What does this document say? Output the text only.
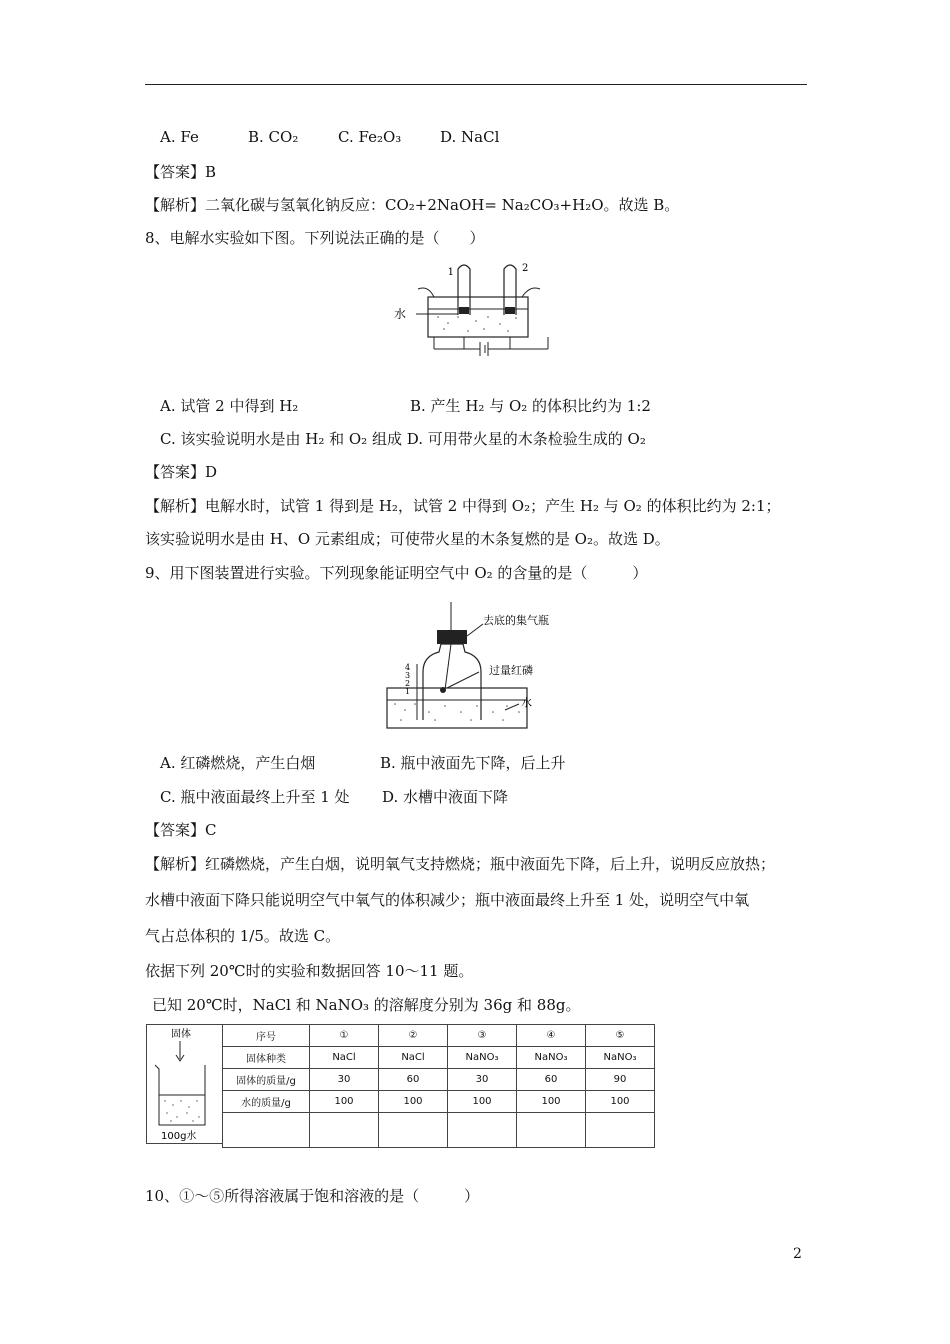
A. Fe	B. CO₂	C. Fe₂O₃	D. NaCl
【答案】B
【解析】二氧化碳与氢氧化钠反应：CO₂+2NaOH= Na₂CO₃+H₂O。故选 B。
8、电解水实验如下图。下列说法正确的是（　　）
1	2
水
A. 试管 2 中得到 H₂	B. 产生 H₂ 与 O₂ 的体积比约为 1:2
C. 该实验说明水是由 H₂ 和 O₂ 组成 D. 可用带火星的木条检验生成的 O₂
【答案】D
【解析】电解水时，试管 1 得到是 H₂，试管 2 中得到 O₂；产生 H₂ 与 O₂ 的体积比约为 2:1；
该实验说明水是由 H、O 元素组成；可使带火星的木条复燃的是 O₂。故选 D。
9、用下图装置进行实验。下列现象能证明空气中 O₂ 的含量的是（　　　）
4
3
2
1
去底的集气瓶
过量红磷
水
A. 红磷燃烧，产生白烟	B. 瓶中液面先下降，后上升
C. 瓶中液面最终上升至 1 处 D. 水槽中液面下降
【答案】C
【解析】红磷燃烧，产生白烟，说明氧气支持燃烧；瓶中液面先下降，后上升，说明反应放热；
水槽中液面下降只能说明空气中氧气的体积减少；瓶中液面最终上升至 1 处，说明空气中氧
气占总体积的 1/5。故选 C。
依据下列 20℃时的实验和数据回答 10～11 题。
已知 20℃时，NaCl 和 NaNO₃ 的溶解度分别为 36g 和 88g。
固体
100g水
序号	①	②	③	④	⑤
固体种类	NaCl	NaCl	NaNO₃	NaNO₃	NaNO₃
固体的质量/g	30	60	30	60	90
水的质量/g	100	100	100	100	100

10、①～⑤所得溶液属于饱和溶液的是（　　　）
2
